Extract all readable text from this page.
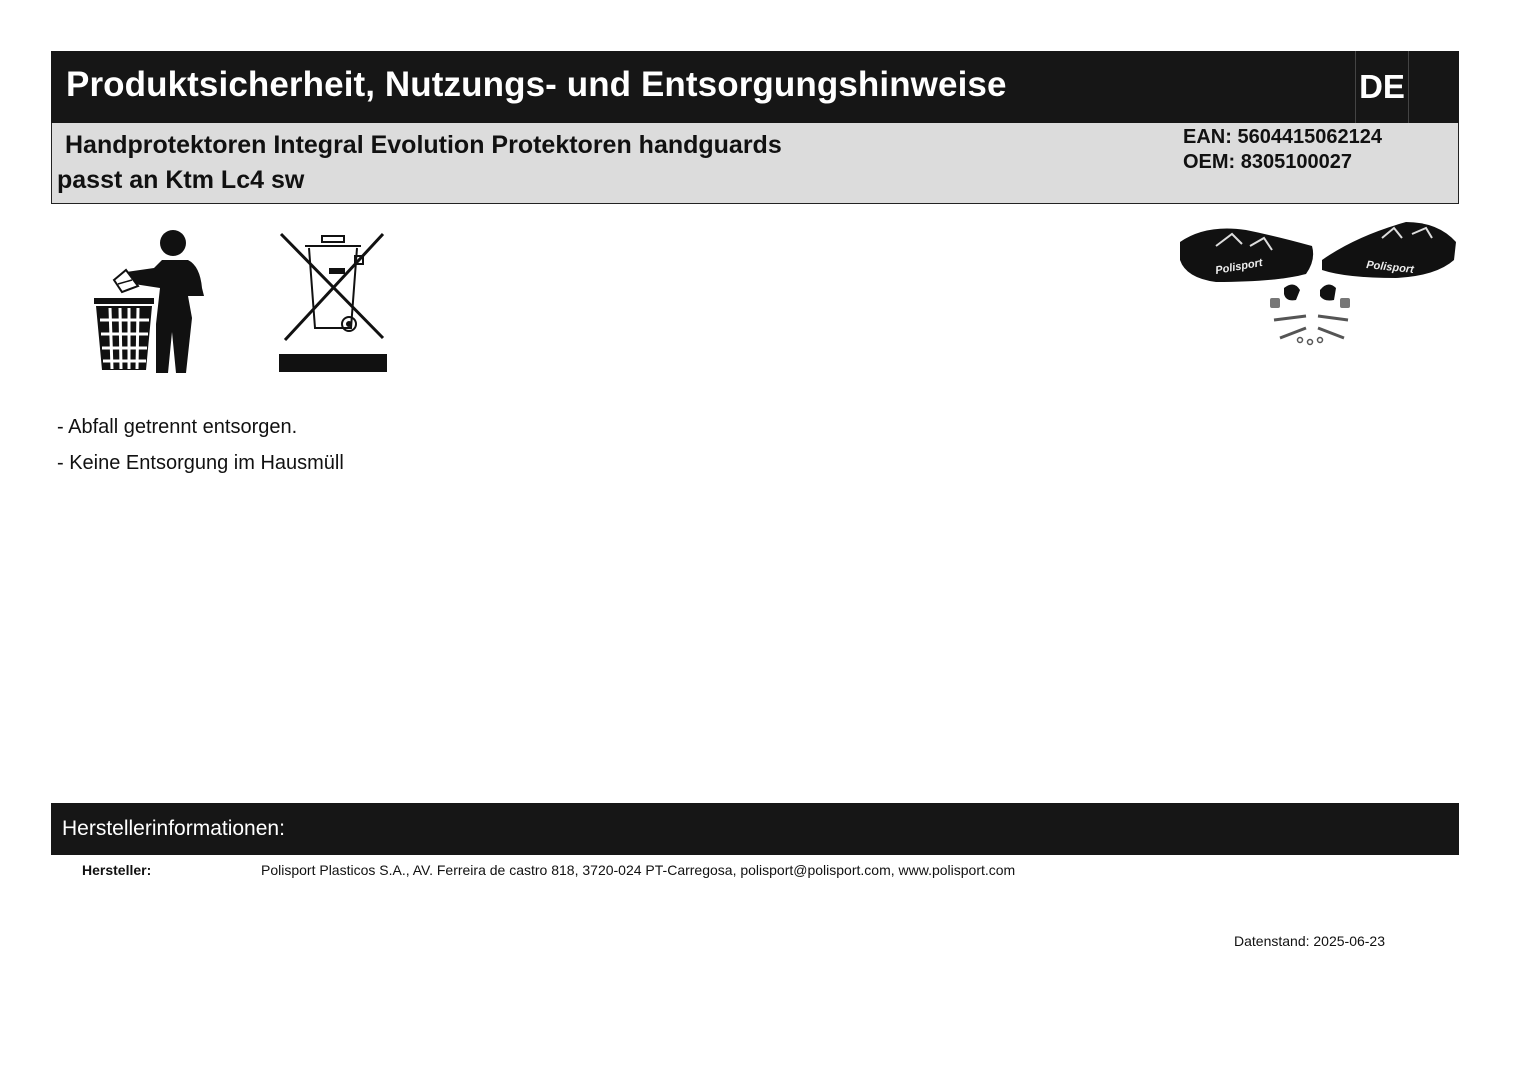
Produktsicherheit, Nutzungs- und Entsorgungshinweise	DE
Handprotektoren Integral Evolution Protektoren handguards
passt an Ktm Lc4 sw
EAN: 5604415062124
OEM: 8305100027
Polisport	Polisport
- Abfall getrennt entsorgen.
- Keine Entsorgung im Hausmüll
Herstellerinformationen:
Hersteller:	Polisport Plasticos S.A., AV. Ferreira de castro 818, 3720-024 PT-Carregosa, polisport@polisport.com, www.polisport.com
Datenstand: 2025-06-23
